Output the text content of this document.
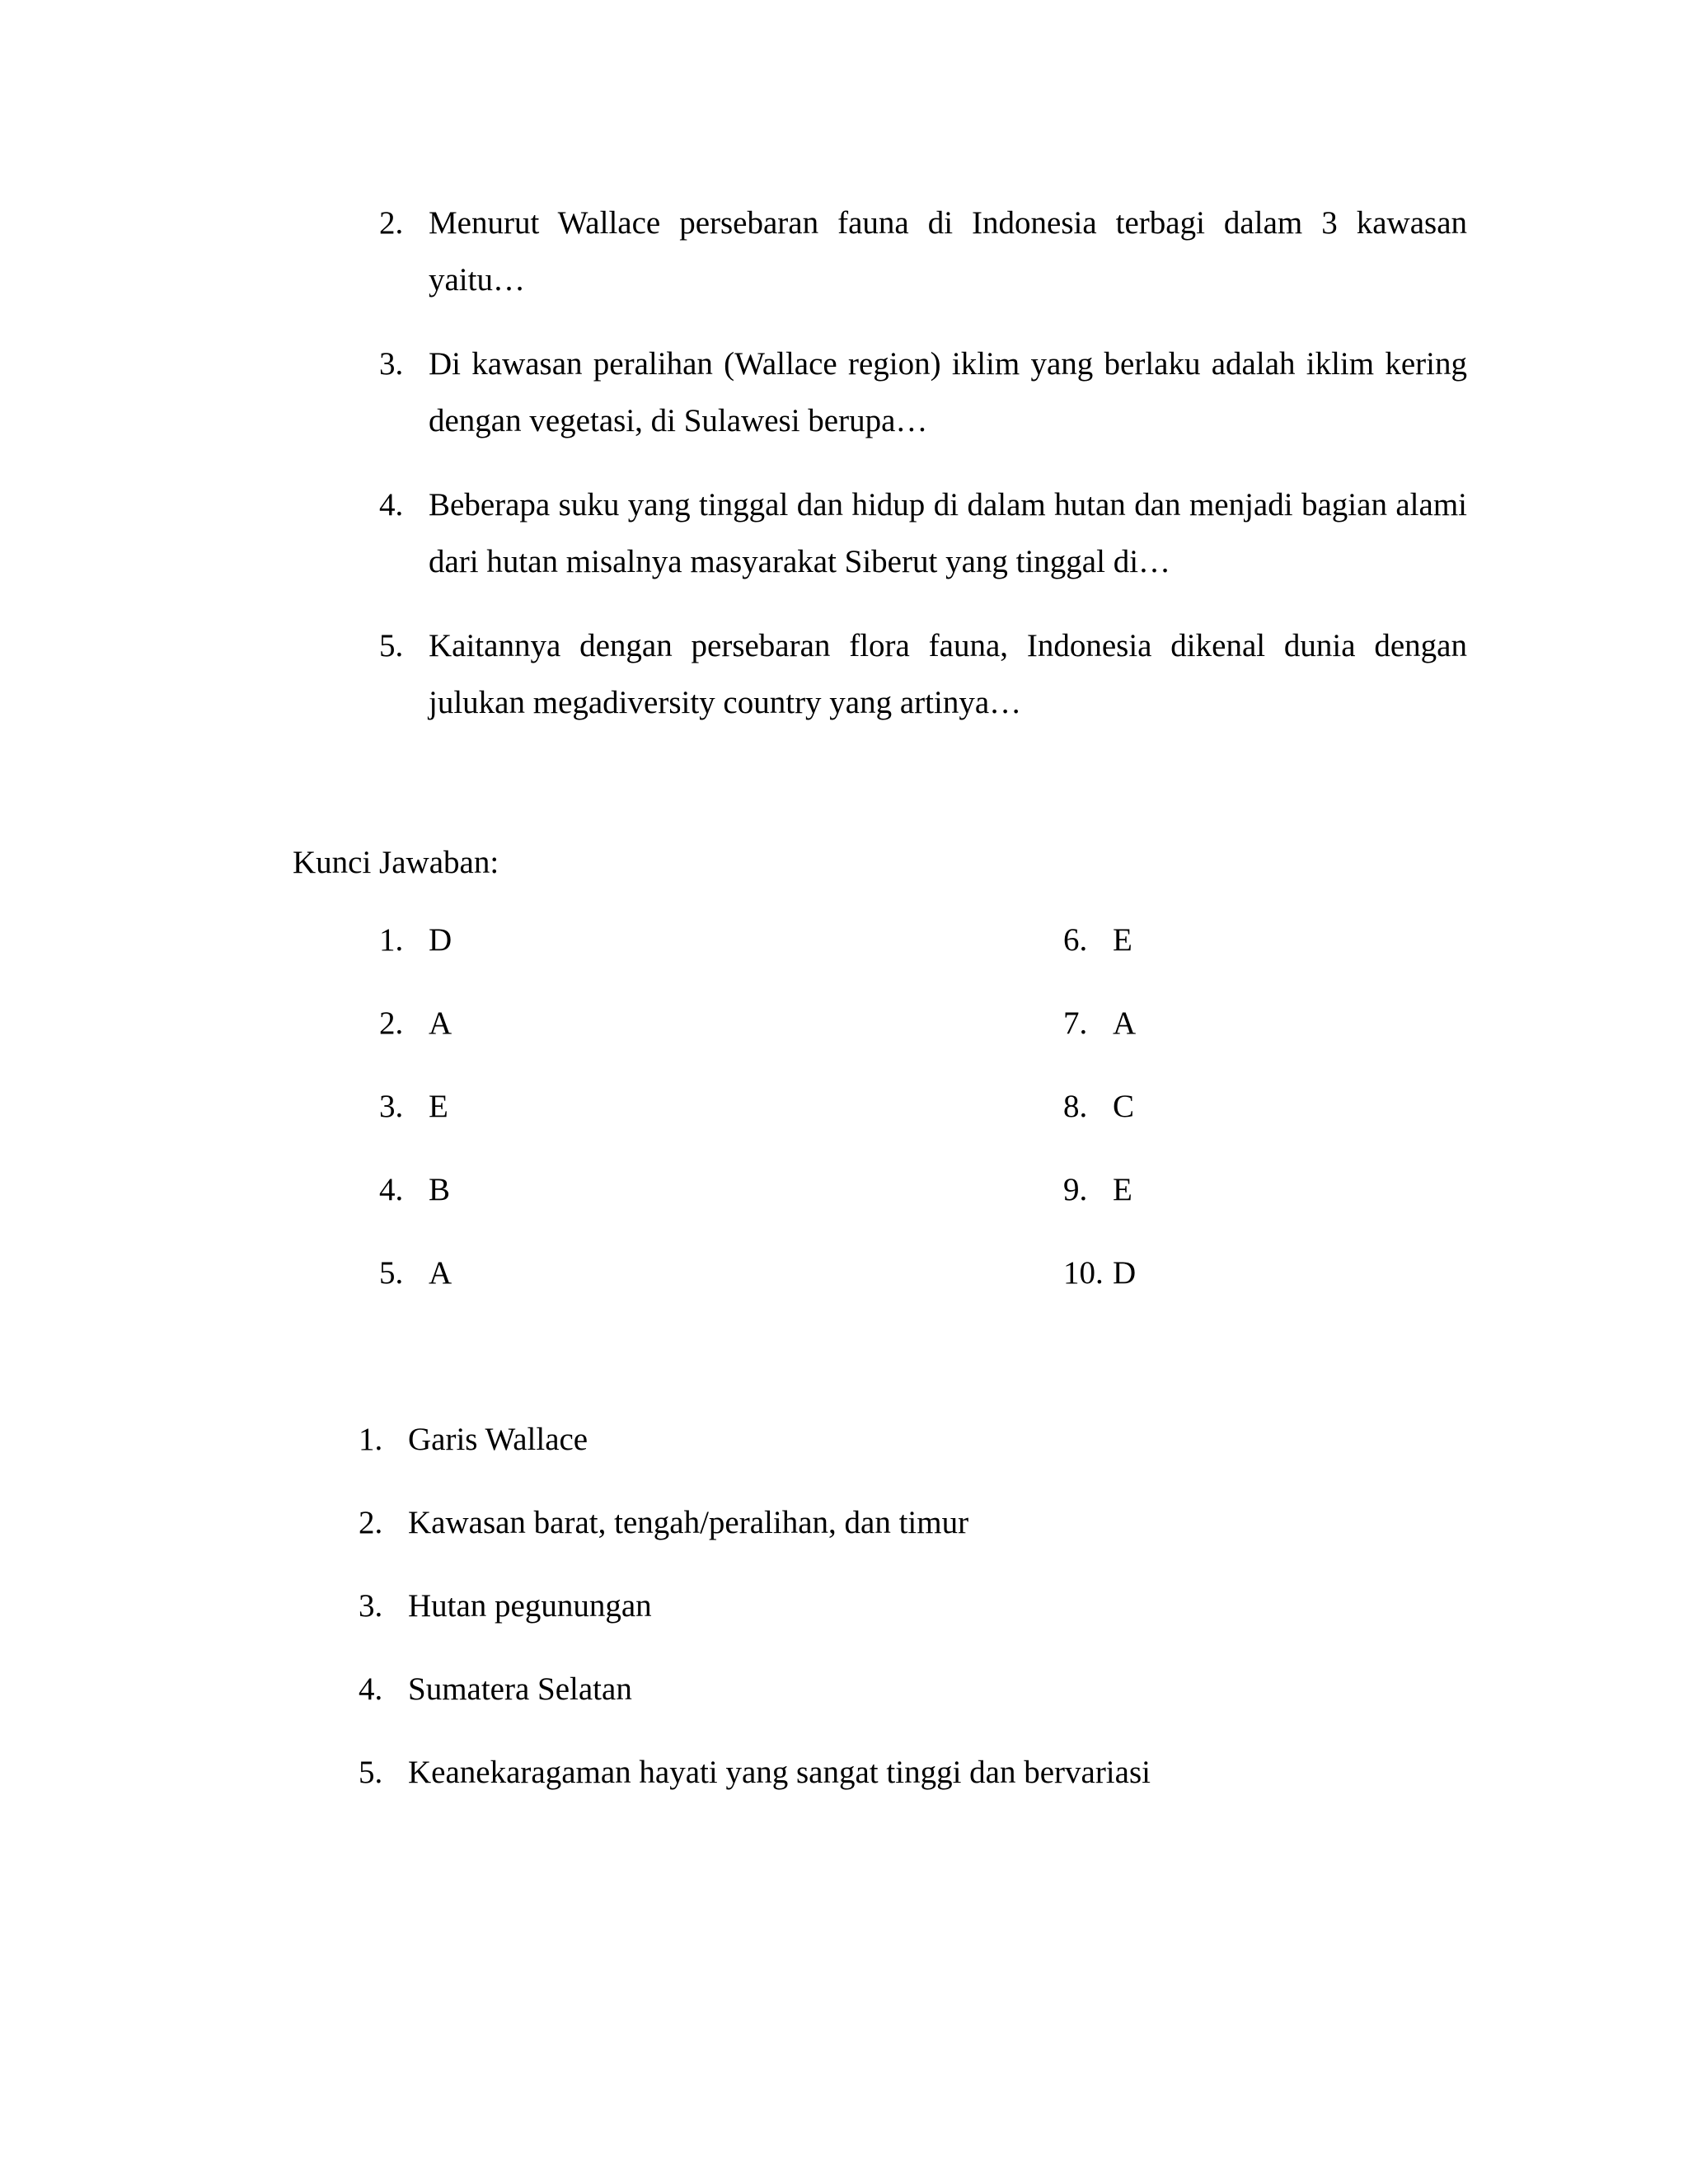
2. Menurut Wallace persebaran fauna di Indonesia terbagi dalam 3 kawasan yaitu…
3. Di kawasan peralihan (Wallace region) iklim yang berlaku adalah iklim kering dengan vegetasi, di Sulawesi berupa…
4. Beberapa suku yang tinggal dan hidup di dalam hutan dan menjadi bagian alami dari hutan misalnya masyarakat Siberut yang tinggal di…
5. Kaitannya dengan persebaran flora fauna, Indonesia dikenal dunia dengan julukan megadiversity country yang artinya…
Kunci Jawaban:
1. D
2. A
3. E
4. B
5. A
6. E
7. A
8. C
9. E
10. D
1. Garis Wallace
2. Kawasan barat, tengah/peralihan, dan timur
3. Hutan pegunungan
4. Sumatera Selatan
5. Keanekaragaman hayati yang sangat tinggi dan bervariasi
